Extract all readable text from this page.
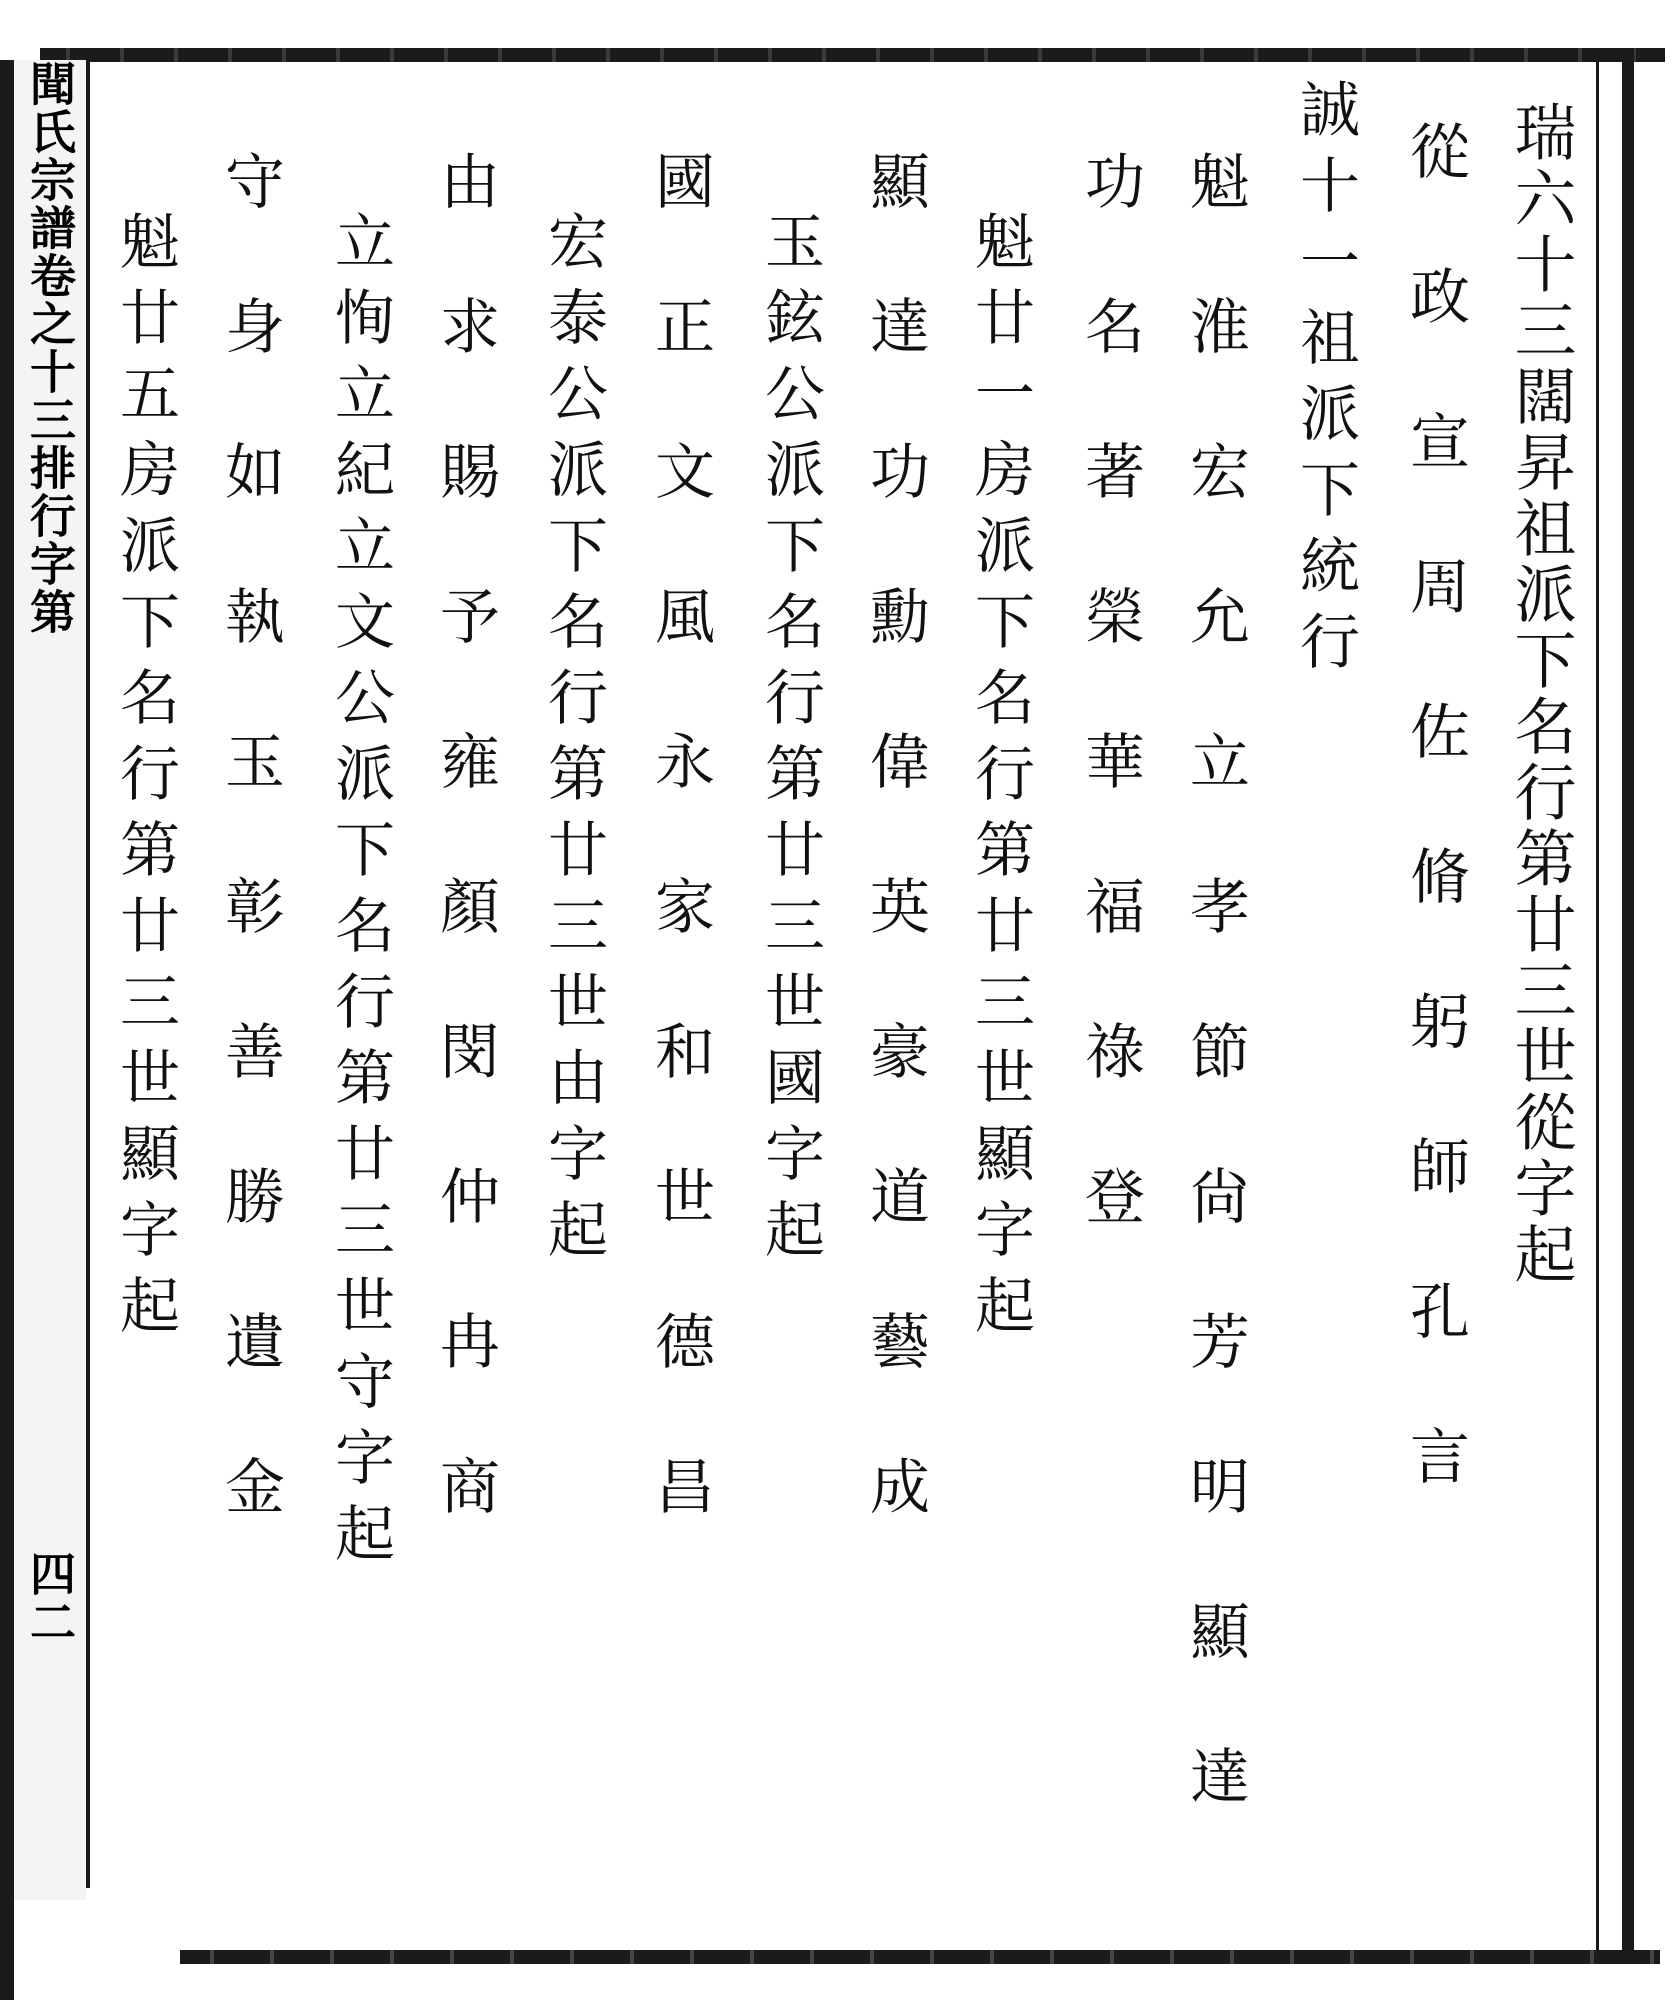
聞氏宗譜卷之十三排行字第
四二
瑞六十三闊昇祖派下名行第廿三世從字起
從政宣周佐脩躬師孔言
誠十一祖派下統行
魁淮宏允立孝節尙芳明顯達
功名著榮華福祿登
魁廿一房派下名行第廿三世顯字起
顯達功勳偉英豪道藝成
玉鉉公派下名行第廿三世國字起
國正文風永家和世德昌
宏泰公派下名行第廿三世由字起
由求賜予雍顏閔仲冉商
立恂立紀立文公派下名行第廿三世守字起
守身如執玉彰善勝遺金
魁廿五房派下名行第廿三世顯字起
